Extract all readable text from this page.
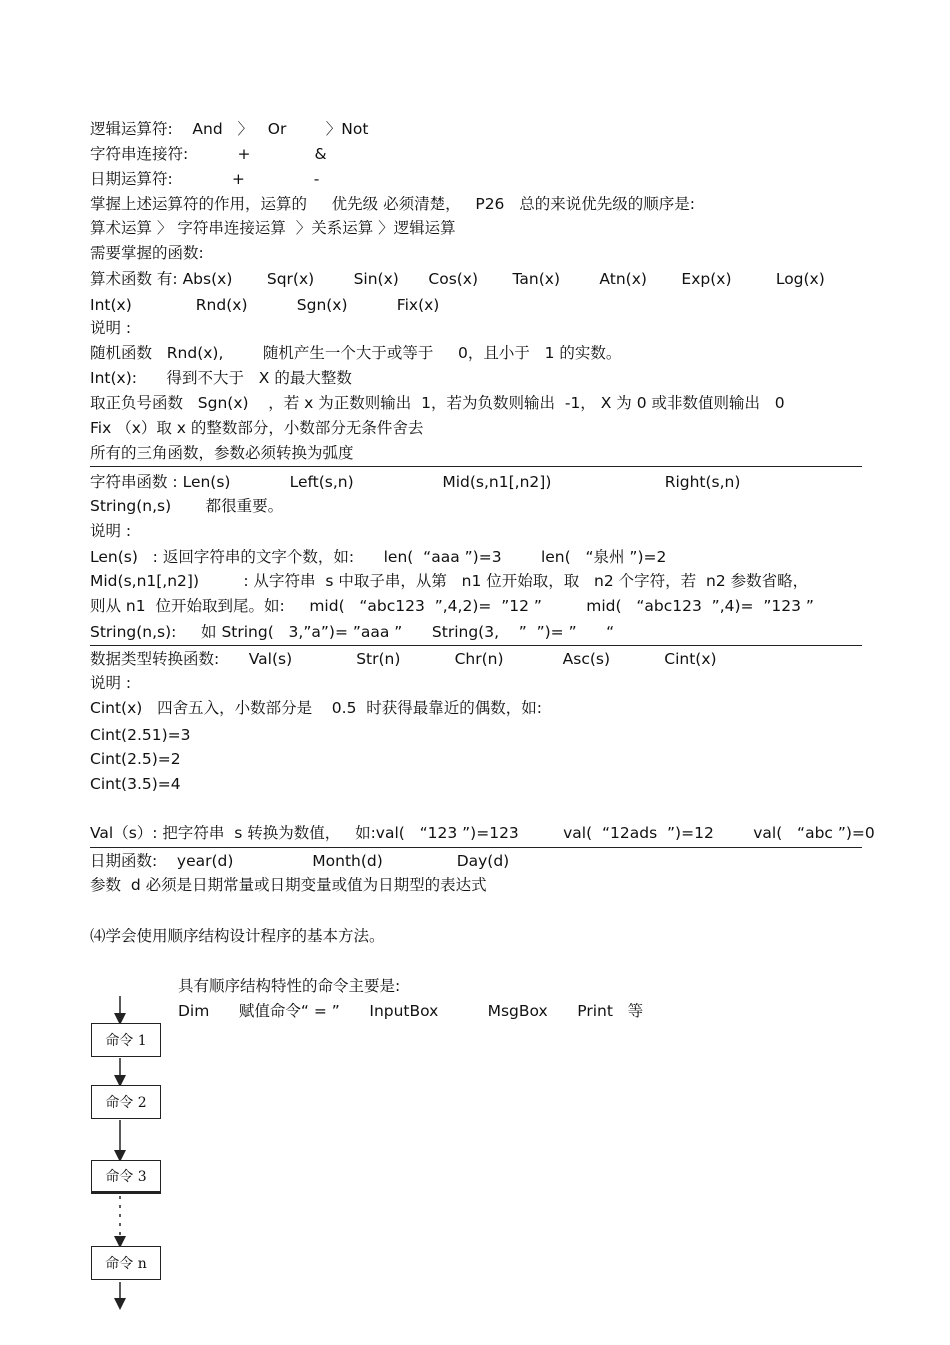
逻辑运算符:    And   〉   Or        〉Not
字符串连接符:          +             &
日期运算符:            +              -
掌握上述运算符的作用，运算的     优先级 必须清楚，   P26   总的来说优先级的顺序是:
算术运算 〉 字符串连接运算  〉关系运算 〉逻辑运算
需要掌握的函数:
算术函数 有: Abs(x)       Sqr(x)        Sin(x)      Cos(x)       Tan(x)        Atn(x)       Exp(x)         Log(x)
Int(x)             Rnd(x)          Sgn(x)          Fix(x)
说明 :
随机函数   Rnd(x),        随机产生一个大于或等于     0，且小于   1 的实数。
Int(x):      得到不大于   X 的最大整数
取正负号函数   Sgn(x)    ，若 x 为正数则输出  1，若为负数则输出  -1， X 为 0 或非数值则输出   0
Fix （x）取 x 的整数部分，小数部分无条件舍去
所有的三角函数，参数必须转换为弧度
字符串函数 : Len(s)            Left(s,n)                  Mid(s,n1[,n2])                       Right(s,n)
String(n,s)       都很重要。
说明 :
Len(s)   : 返回字符串的文字个数，如:      len(  “aaa ”)=3        len(   “泉州 ”)=2
Mid(s,n1[,n2])         : 从字符串  s 中取子串，从第   n1 位开始取，取   n2 个字符，若  n2 参数省略，
则从 n1  位开始取到尾。如:     mid(   “abc123  ”,4,2)=  ”12 ”         mid(   “abc123  ”,4)=  ”123 ”
String(n,s):     如 String(   3,”a”)= ”aaa ”      String(3,    ”  ”)= ”      “
数据类型转换函数:      Val(s)             Str(n)           Chr(n)            Asc(s)           Cint(x)
说明 :
Cint(x)   四舍五入，小数部分是    0.5  时获得最靠近的偶数，如:
Cint(2.51)=3
Cint(2.5)=2
Cint(3.5)=4
Val（s）: 把字符串  s 转换为数值，   如:val(   “123 ”)=123         val(  “12ads  ”)=12        val(   “abc ”)=0
日期函数:    year(d)                Month(d)               Day(d)
参数  d 必须是日期常量或日期变量或值为日期型的表达式
⑷学会使用顺序结构设计程序的基本方法。
具有顺序结构特性的命令主要是:
Dim      赋值命令“ = ”      InputBox          MsgBox      Print   等
命令 1
命令 2
命令 3
命令 n
